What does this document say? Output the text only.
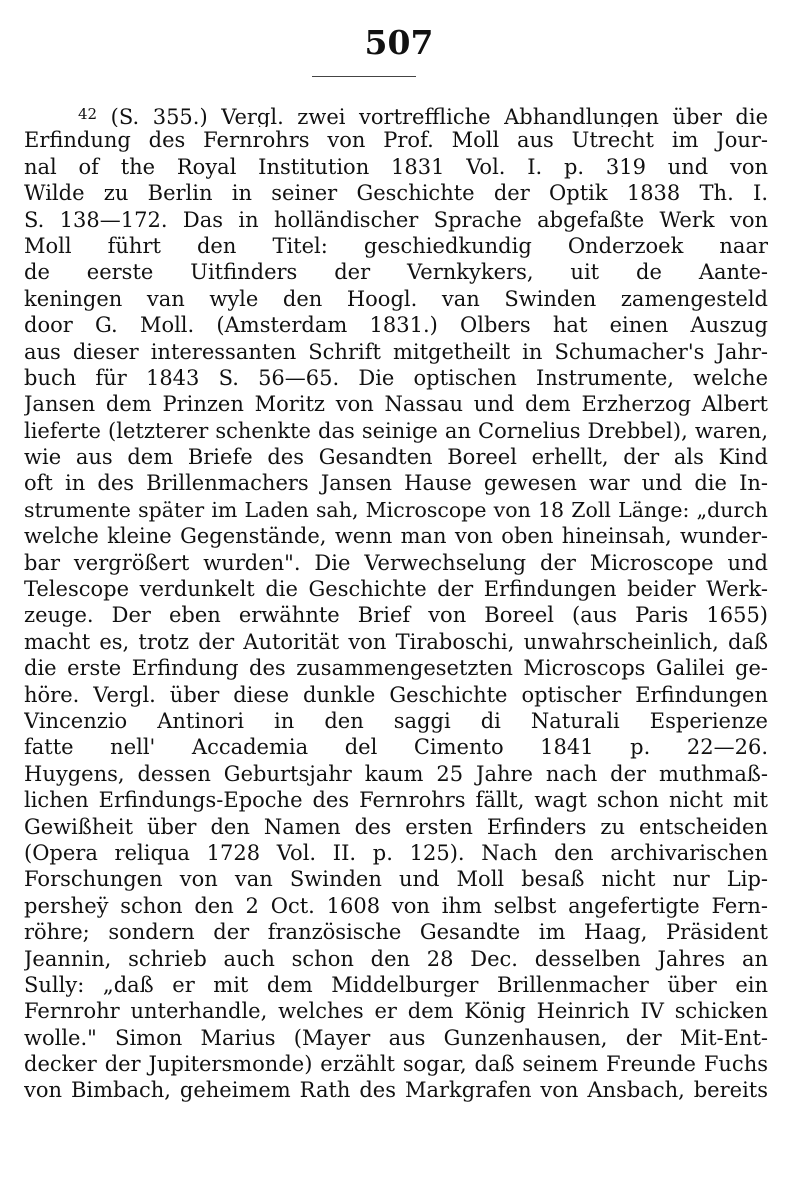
507
$^{42}$ (S. 355.) Vergl. zwei vortreffliche Abhandlungen über die
Erfindung des Fernrohrs von Prof. Moll aus Utrecht im Jour-
nal of the Royal Institution 1831 Vol. I. p. 319 und von
Wilde zu Berlin in seiner Geschichte der Optik 1838 Th. I.
S. 138—172. Das in holländischer Sprache abgefaßte Werk von
Moll führt den Titel: geschiedkundig Onderzoek naar
de eerste Uitfinders der Vernkykers, uit de Aante-
keningen van wyle den Hoogl. van Swinden zamengesteld
door G. Moll. (Amsterdam 1831.) Olbers hat einen Auszug
aus dieser interessanten Schrift mitgetheilt in Schumacher's Jahr-
buch für 1843 S. 56—65. Die optischen Instrumente, welche
Jansen dem Prinzen Moritz von Nassau und dem Erzherzog Albert
lieferte (letzterer schenkte das seinige an Cornelius Drebbel), waren,
wie aus dem Briefe des Gesandten Boreel erhellt, der als Kind
oft in des Brillenmachers Jansen Hause gewesen war und die In-
strumente später im Laden sah, Microscope von 18 Zoll Länge: „durch
welche kleine Gegenstände, wenn man von oben hineinsah, wunder-
bar vergrößert wurden". Die Verwechselung der Microscope und
Telescope verdunkelt die Geschichte der Erfindungen beider Werk-
zeuge. Der eben erwähnte Brief von Boreel (aus Paris 1655)
macht es, trotz der Autorität von Tiraboschi, unwahrscheinlich, daß
die erste Erfindung des zusammengesetzten Microscops Galilei ge-
höre. Vergl. über diese dunkle Geschichte optischer Erfindungen
Vincenzio Antinori in den saggi di Naturali Esperienze
fatte nell' Accademia del Cimento 1841 p. 22—26.
Huygens, dessen Geburtsjahr kaum 25 Jahre nach der muthmaß-
lichen Erfindungs-Epoche des Fernrohrs fällt, wagt schon nicht mit
Gewißheit über den Namen des ersten Erfinders zu entscheiden
(Opera reliqua 1728 Vol. II. p. 125). Nach den archivarischen
Forschungen von van Swinden und Moll besaß nicht nur Lip-
persheÿ schon den 2 Oct. 1608 von ihm selbst angefertigte Fern-
röhre; sondern der französische Gesandte im Haag, Präsident
Jeannin, schrieb auch schon den 28 Dec. desselben Jahres an
Sully: „daß er mit dem Middelburger Brillenmacher über ein
Fernrohr unterhandle, welches er dem König Heinrich IV schicken
wolle." Simon Marius (Mayer aus Gunzenhausen, der Mit-Ent-
decker der Jupitersmonde) erzählt sogar, daß seinem Freunde Fuchs
von Bimbach, geheimem Rath des Markgrafen von Ansbach, bereits
